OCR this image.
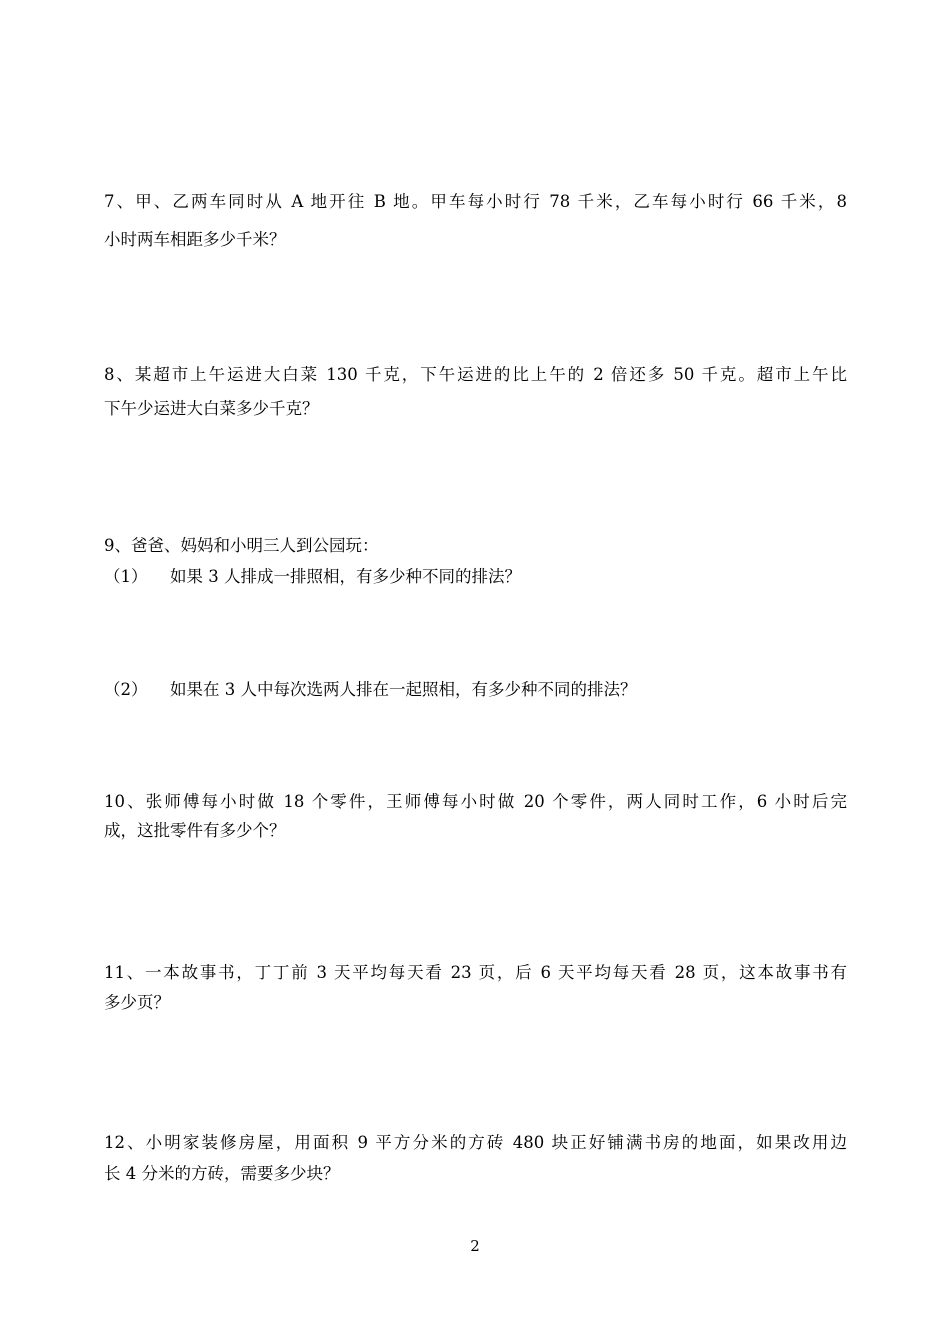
7、甲、乙两车同时从 A 地开往 B 地。甲车每小时行 78 千米，乙车每小时行 66 千米，8
小时两车相距多少千米？
8、某超市上午运进大白菜 130 千克，下午运进的比上午的 2 倍还多 50 千克。超市上午比
下午少运进大白菜多少千克？
9、爸爸、妈妈和小明三人到公园玩：
（1） 如果 3 人排成一排照相，有多少种不同的排法？
（2） 如果在 3 人中每次选两人排在一起照相，有多少种不同的排法？
10、张师傅每小时做 18 个零件，王师傅每小时做 20 个零件，两人同时工作，6 小时后完
成，这批零件有多少个？
11、一本故事书，丁丁前 3 天平均每天看 23 页，后 6 天平均每天看 28 页，这本故事书有
多少页？
12、小明家装修房屋，用面积 9 平方分米的方砖 480 块正好铺满书房的地面，如果改用边
长 4 分米的方砖，需要多少块？
2
